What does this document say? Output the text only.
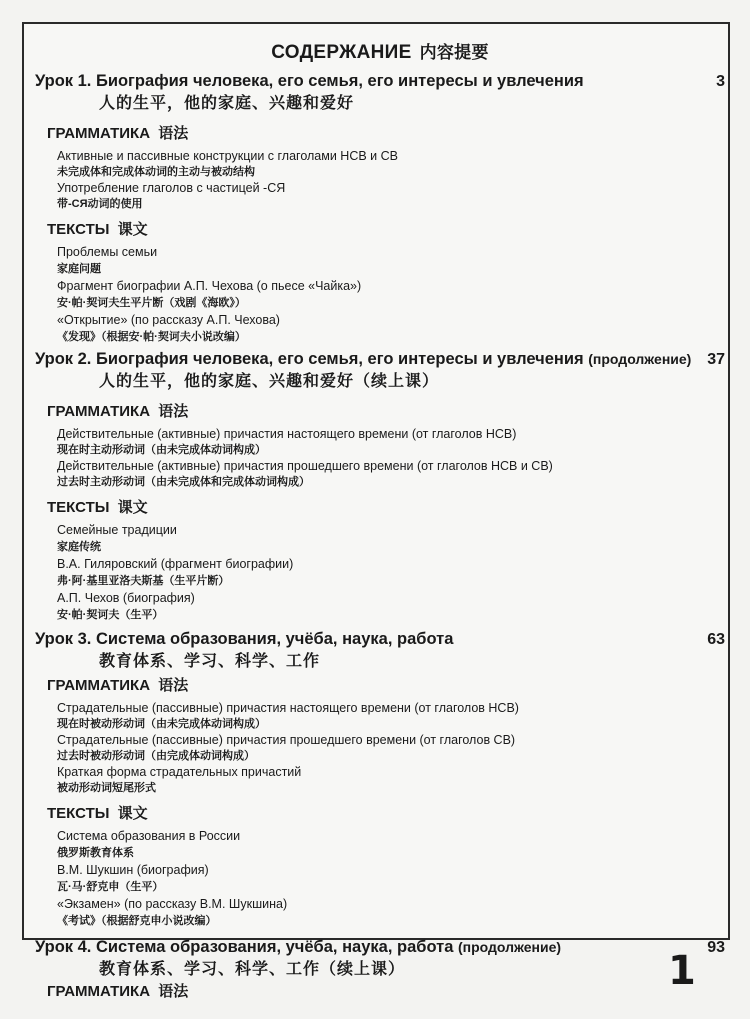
СОДЕРЖАНИЕ 内容提要
Урок 1. Биография человека, его семья, его интересы и увлечения	3
人的生平，他的家庭、兴趣和爱好
ГРАММАТИКА 语法
Активные и пассивные конструкции с глаголами НСВ и СВ
未完成体和完成体动词的主动与被动结构
Употребление глаголов с частицей -СЯ
带-СЯ动词的使用
ТЕКСТЫ 课文
Проблемы семьи
家庭问题
Фрагмент биографии А.П. Чехова (о пьесе «Чайка»)
安·帕·契诃夫生平片断（戏剧《海欧》）
«Открытие» (по рассказу А.П. Чехова)
《发现》（根据安·帕·契诃夫小说改编）
Урок 2. Биография человека, его семья, его интересы и увлечения (продолжение) 37
人的生平，他的家庭、兴趣和爱好（续上课）
ГРАММАТИКА 语法
Действительные (активные) причастия настоящего времени (от глаголов НСВ)
现在时主动形动词（由未完成体动词构成）
Действительные (активные) причастия прошедшего времени (от глаголов НСВ и СВ)
过去时主动形动词（由未完成体和完成体动词构成）
ТЕКСТЫ 课文
Семейные традиции
家庭传统
В.А. Гиляровский (фрагмент биографии)
弗·阿·基里亚洛夫斯基（生平片断）
А.П. Чехов (биография)
安·帕·契诃夫（生平）
Урок 3. Система образования, учёба, наука, работа	63
教育体系、学习、科学、工作
ГРАММАТИКА 语法
Страдательные (пассивные) причастия настоящего времени (от глаголов НСВ)
现在时被动形动词（由未完成体动词构成）
Страдательные (пассивные) причастия прошедшего времени (от глаголов СВ)
过去时被动形动词（由完成体动词构成）
Краткая форма страдательных причастий
被动形动词短尾形式
ТЕКСТЫ 课文
Система образования в России
俄罗斯教育体系
В.М. Шукшин (биография)
瓦·马·舒克申（生平）
«Экзамен» (по рассказу В.М. Шукшина)
《考试》（根据舒克申小说改编）
Урок 4. Система образования, учёба, наука, работа (продолжение)	93
教育体系、学习、科学、工作（续上课）
ГРАММАТИКА 语法	1
